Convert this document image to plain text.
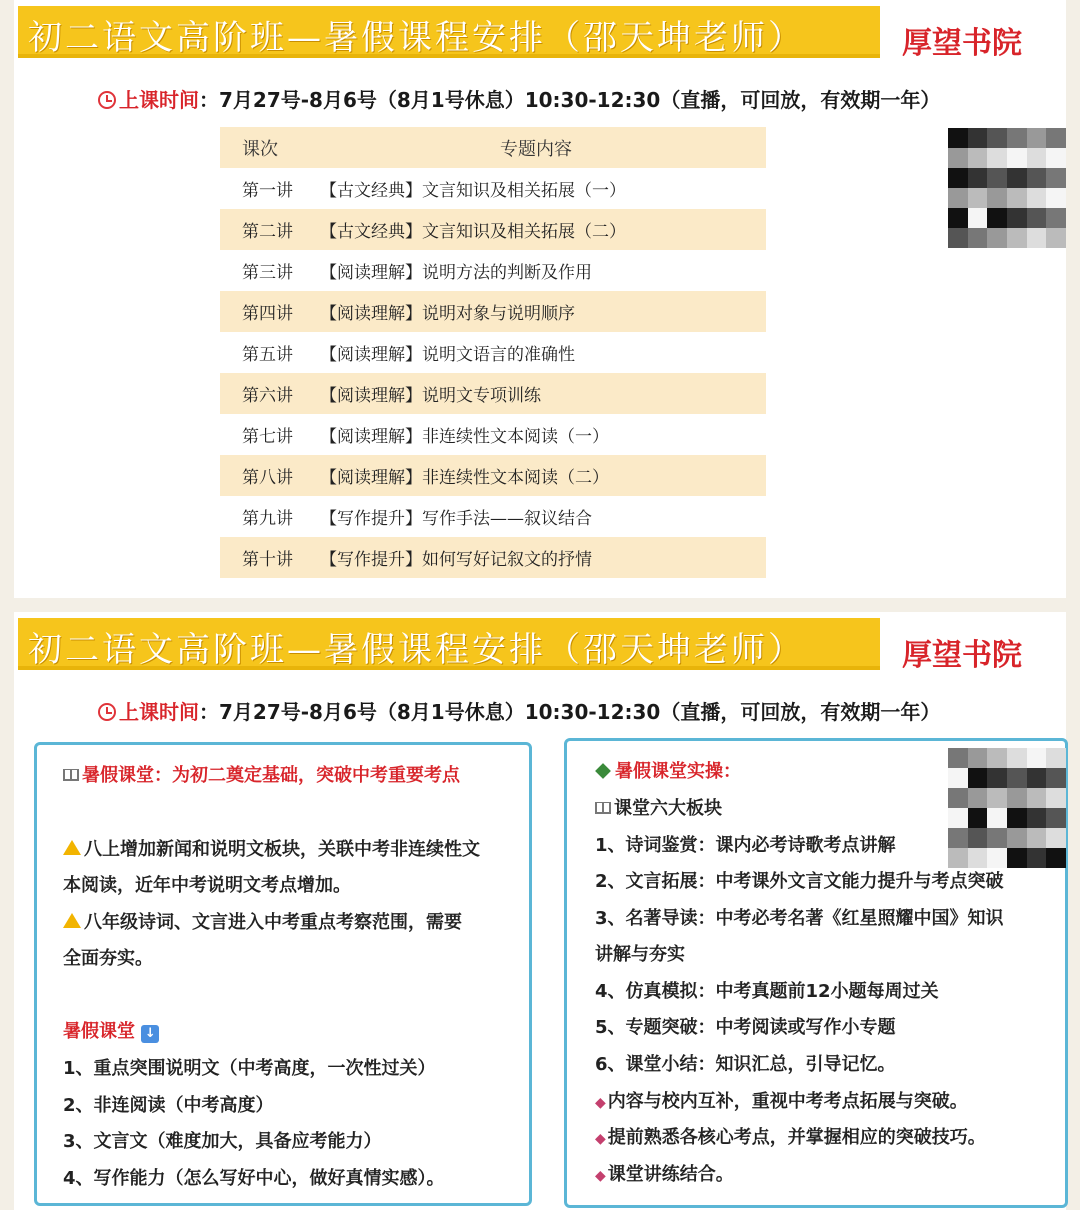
初二语文高阶班—暑假课程安排（邵天坤老师）	厚望书院
上课时间：7月27号-8月6号（8月1号休息）10:30-12:30（直播，可回放，有效期一年）
课次	专题内容
第一讲	【古文经典】文言知识及相关拓展（一）
第二讲	【古文经典】文言知识及相关拓展（二）
第三讲	【阅读理解】说明方法的判断及作用
第四讲	【阅读理解】说明对象与说明顺序
第五讲	【阅读理解】说明文语言的准确性
第六讲	【阅读理解】说明文专项训练
第七讲	【阅读理解】非连续性文本阅读（一）
第八讲	【阅读理解】非连续性文本阅读（二）
第九讲	【写作提升】写作手法——叙议结合
第十讲	【写作提升】如何写好记叙文的抒情
初二语文高阶班—暑假课程安排（邵天坤老师）	厚望书院
上课时间：7月27号-8月6号（8月1号休息）10:30-12:30（直播，可回放，有效期一年）
暑假课堂：为初二奠定基础，突破中考重要考点
八上增加新闻和说明文板块，关联中考非连续性文
本阅读，近年中考说明文考点增加。
八年级诗词、文言进入中考重点考察范围，需要
全面夯实。
暑假课堂 ↓
1、重点突围说明文（中考高度，一次性过关）
2、非连阅读（中考高度）
3、文言文（难度加大，具备应考能力）
4、写作能力（怎么写好中心，做好真情实感）。
暑假课堂实操：
课堂六大板块
1、诗词鉴赏：课内必考诗歌考点讲解
2、文言拓展：中考课外文言文能力提升与考点突破
3、名著导读：中考必考名著《红星照耀中国》知识
讲解与夯实
4、仿真模拟：中考真题前12小题每周过关
5、专题突破：中考阅读或写作小专题
6、课堂小结：知识汇总，引导记忆。
◆ 内容与校内互补，重视中考考点拓展与突破。
◆ 提前熟悉各核心考点，并掌握相应的突破技巧。
◆ 课堂讲练结合。
